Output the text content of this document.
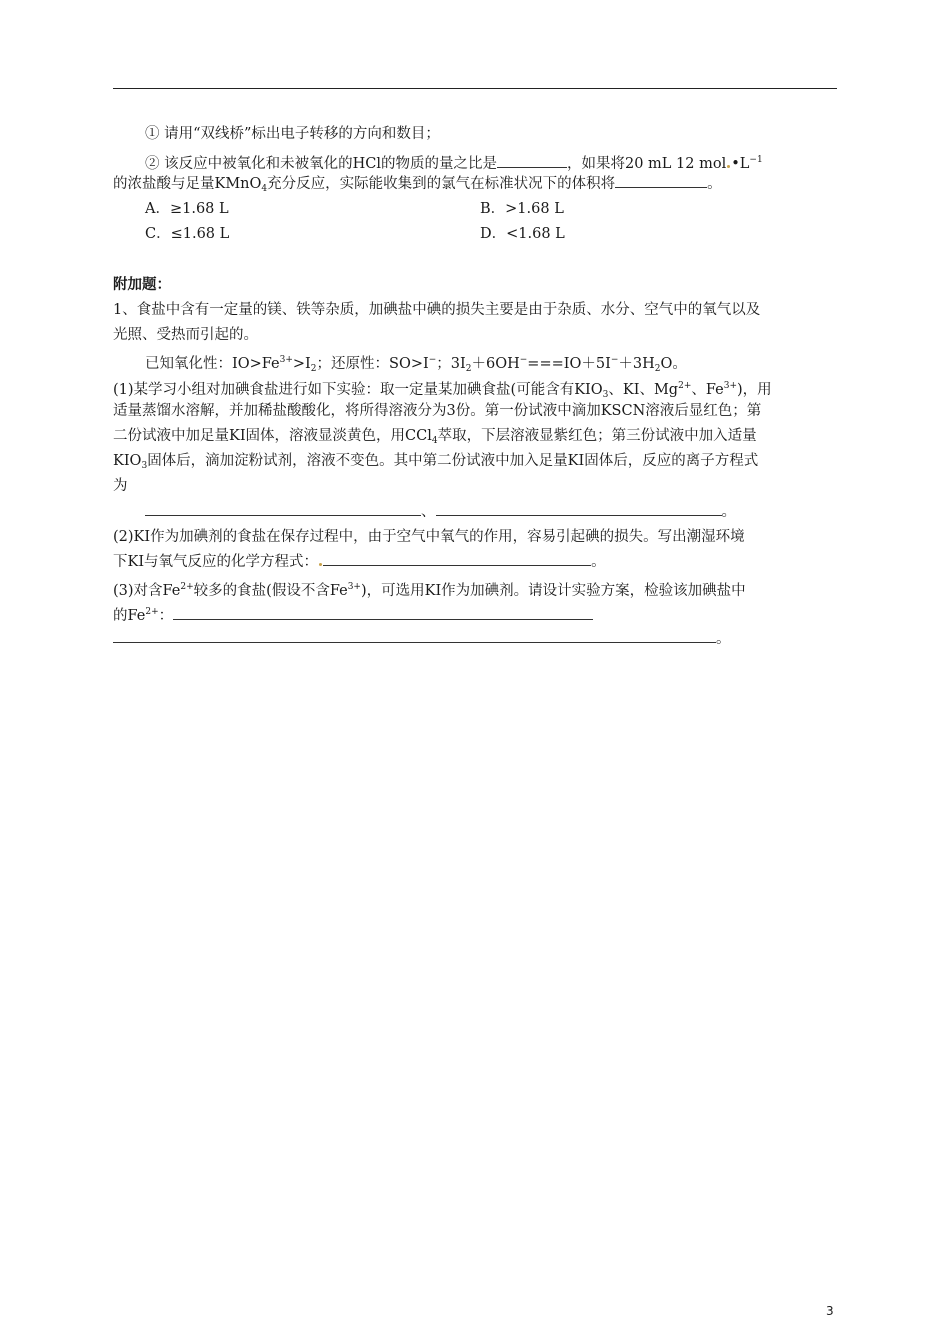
① 请用“双线桥”标出电子转移的方向和数目；
② 该反应中被氧化和未被氧化的HCl的物质的量之比是	，如果将20 mL 12 mol $•L^{-1}$
的浓盐酸与足量KMnO$_4$充分反应，实际能收集到的氯气在标准状况下的体积将	。
A．≥1.68 L	B．>1.68 L
C．≤1.68 L	D．<1.68 L
附加题：
1、食盐中含有一定量的镁、铁等杂质，加碘盐中碘的损失主要是由于杂质、水分、空气中的氧气以及
光照、受热而引起的。
已知氧化性：$IO>Fe^{3+}>I_2$；还原性：SO>I−；$3I_2+6OH^-===IO+5I^-+3H_2O$。
(1)某学习小组对加碘食盐进行如下实验：取一定量某加碘食盐(可能含有$KIO_3$、KI、$Mg^{2+}$、$Fe^{3+}$)，用
适量蒸馏水溶解，并加稀盐酸酸化，将所得溶液分为3份。第一份试液中滴加KSCN溶液后显红色；第
二份试液中加足量KI固体，溶液显淡黄色，用CCl$_4$萃取，下层溶液显紫红色；第三份试液中加入适量
$KIO_3$固体后，滴加淀粉试剂，溶液不变色。其中第二份试液中加入足量KI固体后，反应的离子方程式
为
、	。
(2)KI作为加碘剂的食盐在保存过程中，由于空气中氧气的作用，容易引起碘的损失。写出潮湿环境
下KI与氧气反应的化学方程式：	。
(3)对含$Fe^{2+}$较多的食盐(假设不含$Fe^{3+}$)，可选用KI作为加碘剂。请设计实验方案，检验该加碘盐中
的$Fe^{2+}$：
。
3
